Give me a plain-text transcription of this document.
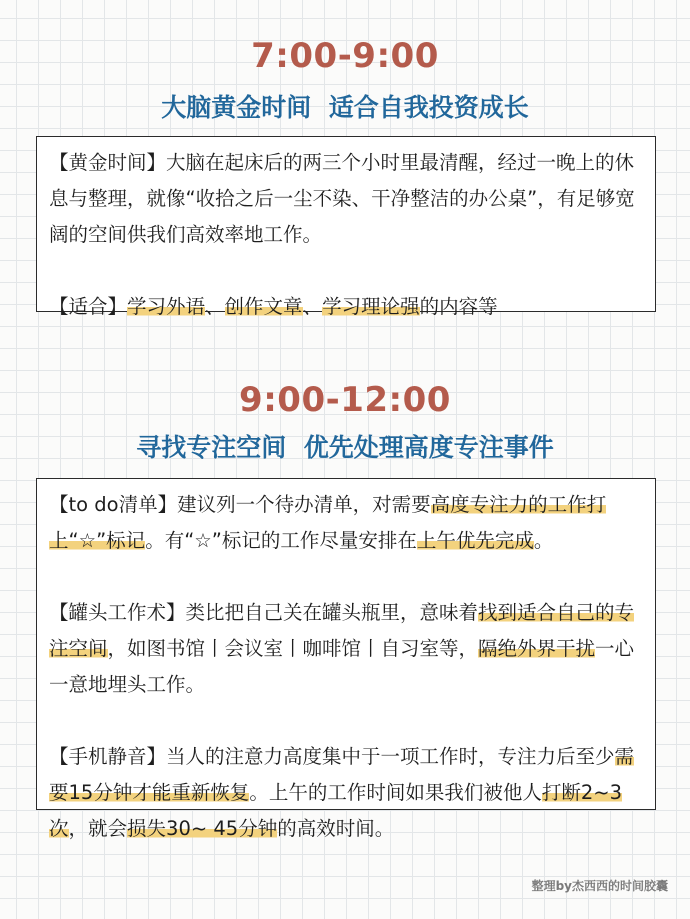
7:00-9:00
大脑黄金时间  适合自我投资成长

【黄金时间】大脑在起床后的两三个小时里最清醒，经过一晚上的休息与整理，就像“收拾之后一尘不染、干净整洁的办公桌”，有足够宽阔的空间供我们高效率地工作。

【适合】学习外语、创作文章、学习理论强的内容等

9:00-12:00
寻找专注空间  优先处理高度专注事件

【to do清单】建议列一个待办清单，对需要高度专注力的工作打上“☆”标记。有“☆”标记的工作尽量安排在上午优先完成。

【罐头工作术】类比把自己关在罐头瓶里，意味着找到适合自己的专注空间，如图书馆丨会议室丨咖啡馆丨自习室等，隔绝外界干扰一心一意地埋头工作。

【手机静音】当人的注意力高度集中于一项工作时，专注力后至少需要15分钟才能重新恢复。上午的工作时间如果我们被他人打断2~3次，就会损失30~ 45分钟的高效时间。

整理by杰西西的时间胶囊
